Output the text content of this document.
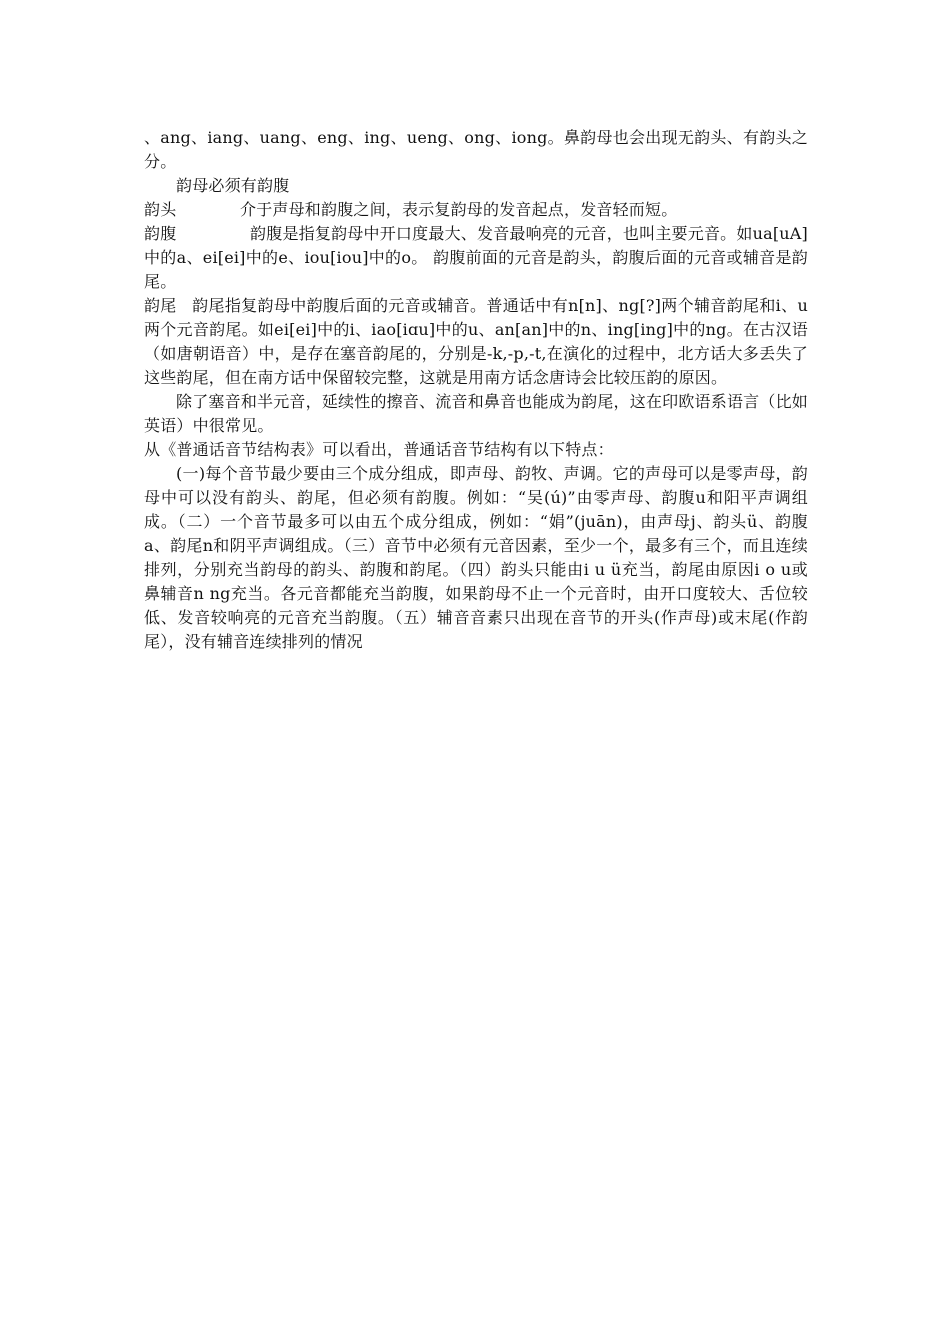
、ang、iang、uang、eng、ing、ueng、ong、iong。鼻韵母也会出现无韵头、有韵头之分。

韵母必须有韵腹

韵头	介于声母和韵腹之间，表示复韵母的发音起点，发音轻而短。

韵腹	韵腹是指复韵母中开口度最大、发音最响亮的元音，也叫主要元音。如ua[uA]中的a、ei[ei]中的e、iou[iou]中的o。 韵腹前面的元音是韵头，韵腹后面的元音或辅音是韵尾。

韵尾 韵尾指复韵母中韵腹后面的元音或辅音。普通话中有n[n]、ng[?]两个辅音韵尾和i、u两个元音韵尾。如ei[ei]中的i、iao[iɑu]中的u、an[an]中的n、ing[ing]中的ng。在古汉语（如唐朝语音）中，是存在塞音韵尾的，分别是-k,-p,-t,在演化的过程中，北方话大多丢失了这些韵尾，但在南方话中保留较完整，这就是用南方话念唐诗会比较压韵的原因。

除了塞音和半元音，延续性的擦音、流音和鼻音也能成为韵尾，这在印欧语系语言（比如英语）中很常见。

从《普通话音节结构表》可以看出，普通话音节结构有以下特点：

(一)每个音节最少要由三个成分组成，即声母、韵牧、声调。它的声母可以是零声母，韵母中可以没有韵头、韵尾，但必须有韵腹。例如：“吴(ú)”由零声母、韵腹u和阳平声调组成。（二）一个音节最多可以由五个成分组成，例如：“娟”(juān)，由声母j、韵头ü、韵腹a、韵尾n和阴平声调组成。（三）音节中必须有元音因素，至少一个，最多有三个，而且连续排列，分别充当韵母的韵头、韵腹和韵尾。（四）韵头只能由i u ü充当，韵尾由原因i o u或鼻辅音n ng充当。各元音都能充当韵腹，如果韵母不止一个元音时，由开口度较大、舌位较低、发音较响亮的元音充当韵腹。（五）辅音音素只出现在音节的开头(作声母)或末尾(作韵尾），没有辅音连续排列的情况
